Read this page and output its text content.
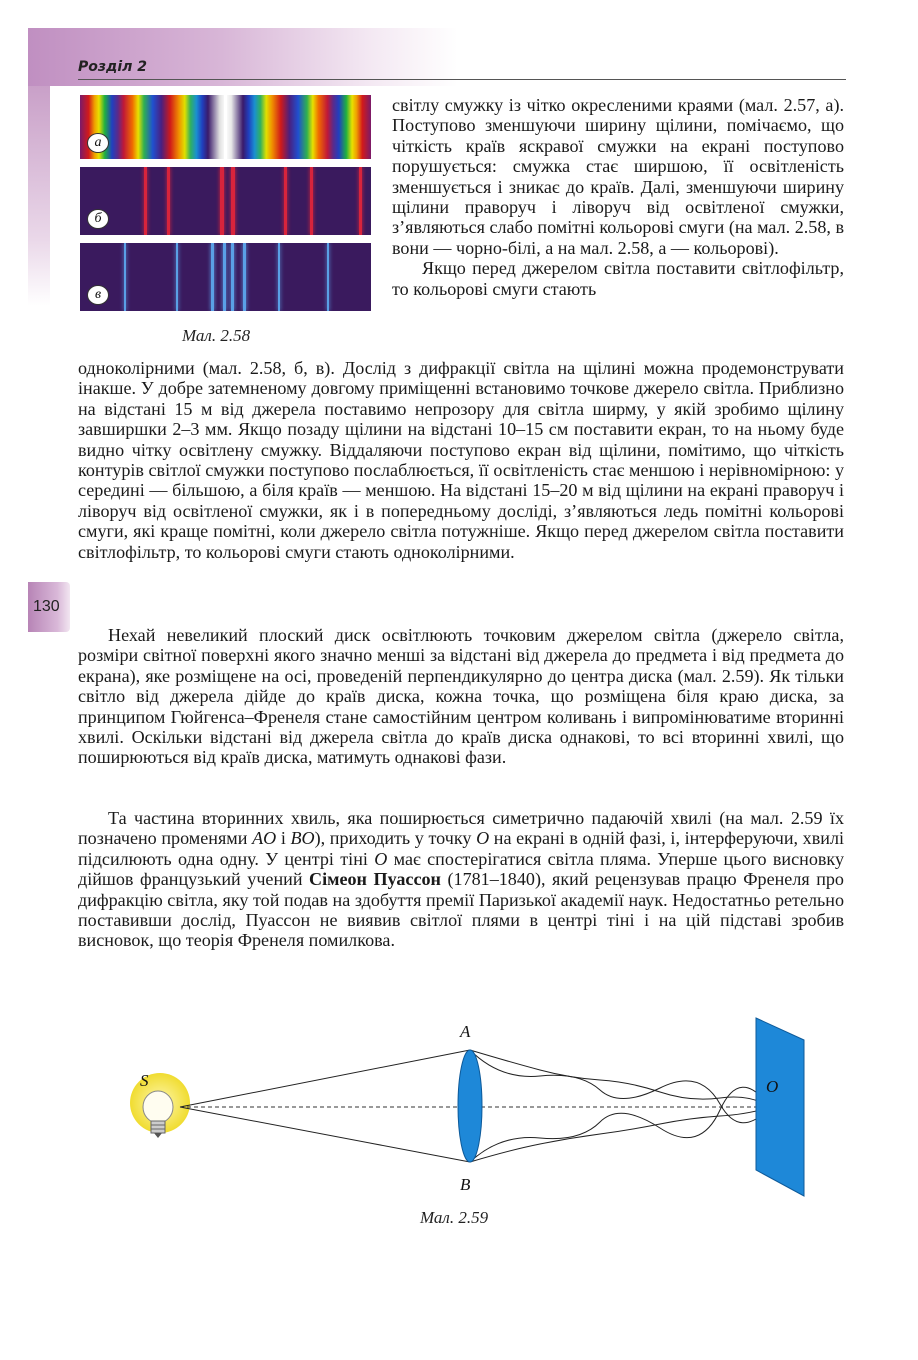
Розділ 2
130
а
б
в
Мал. 2.58

світлу смужку із чітко окресленими краями (мал. 2.57, а). Поступово зменшуючи ширину щілини, помічаємо, що чіткість країв яскравої смужки на екрані поступово порушується: смужка стає ширшою, її освітленість зменшується і зникає до країв. Далі, зменшуючи ширину щілини праворуч і ліворуч від освітленої смужки, з’являються слабо помітні кольорові смуги (на мал. 2.58, в вони — чорно-білі, а на мал. 2.58, а — кольорові).

Якщо перед джерелом світла поставити світлофільтр, то кольорові смуги стають

одноколірними (мал. 2.58, б, в). Дослід з дифракції світла на щілині можна продемонструвати інакше. У добре затемненому довгому приміщенні встановимо точкове джерело світла. Приблизно на відстані 15 м від джерела поставимо непрозору для світла ширму, у якій зробимо щілину завширшки 2–3 мм. Якщо позаду щілини на відстані 10–15 см поставити екран, то на ньому буде видно чітку освітлену смужку. Віддаляючи поступово екран від щілини, помітимо, що чіткість контурів світлої смужки поступово послаблюється, її освітленість стає меншою і нерівномірною: у середині — більшою, а біля країв — меншою. На відстані 15–20 м від щілини на екрані праворуч і ліворуч від освітленої смужки, як і в попередньому досліді, з’являються ледь помітні кольорові смуги, які краще помітні, коли джерело світла потужніше. Якщо перед джерелом світла поставити світлофільтр, то кольорові смуги стають одноколірними.

Нехай невеликий плоский диск освітлюють точковим джерелом світла (джерело світла, розміри світної поверхні якого значно менші за відстані від джерела до предмета і від предмета до екрана), яке розміщене на осі, проведеній перпендикулярно до центра диска (мал. 2.59). Як тільки світло від джерела дійде до країв диска, кожна точка, що розміщена біля краю диска, за принципом Гюйгенса–Френеля стане самостійним центром коливань і випромінюватиме вторинні хвилі. Оскільки відстані від джерела світла до країв диска однакові, то всі вторинні хвилі, що поширюються від країв диска, матимуть однакові фази.

Та частина вторинних хвиль, яка поширюється симетрично падаючій хвилі (на мал. 2.59 їх позначено променями AO і BO), приходить у точку O на екрані в одній фазі, і, інтерферуючи, хвилі підсилюють одна одну. У центрі тіні O має спостерігатися світла пляма. Уперше цього висновку дійшов французький учений Сімеон Пуассон (1781–1840), який рецензував працю Френеля про дифракцію світла, яку той подав на здобуття премії Паризької академії наук. Недостатньо ретельно поставивши дослід, Пуассон не виявив світлої плями в центрі тіні і на цій підставі зробив висновок, що теорія Френеля помилкова.

S
A
B
O
Мал. 2.59
